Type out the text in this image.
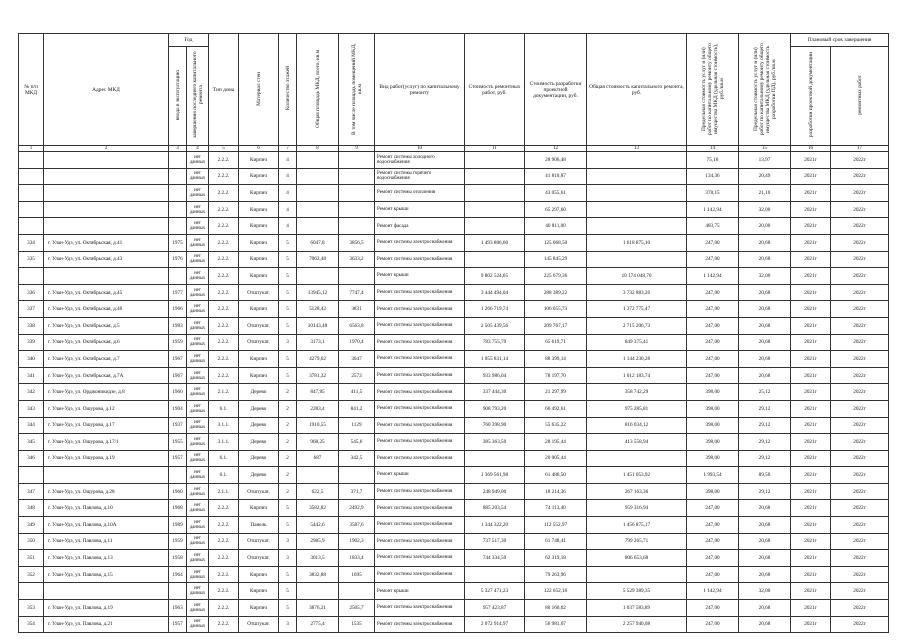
№ п/п МКД	Адрес МКД	Год		Тип дома	Материал стен	Количество этажей	Общая площадь МКД, всего, кв.м	В том числе площадь помещений МКД, кв.м	Вид работ(услуг) по капитальному ремонту	Стоимость ремонтных работ, руб.	Стоимость разработки проектной документации, руб.	Общая стоимость капитального ремонта, руб.	Предельная стоимость услуг и (или) работ по капитальному ремонту общего имущества МКД (удельная стоимость), руб./кв.м	Предельная стоимость услуг и (или) работ по капитальному ремонту общего имущества МКД (удельная стоимость разработки ПД), руб./кв.м	Плановый срок завершения	
		ввода в эксплуатацию	завершения последнего капитального ремонта												разработки проектной документации	ремонтных работ
1	2	3	4	5	6	7	8	9	10	11	12	13	14	15	16	17
			нет данных	2.2.2.	Кирпич	4			Ремонт системы холодного водоснабжения		28 906,48		75,16	13,97	2021г	2022г
			нет данных	2.2.2.	Кирпич	4			Ремонт системы горячего водоснабжения		41 810,87		134,36	20,49	2021г	2022г
			нет данных	2.2.2.	Кирпич	4			Ремонт системы отопления		43 055,61		378,15	21,10	2021г	2022г
			нет данных	2.2.2.	Кирпич	4			Ремонт крыши		65 297,60		1 142,94	32,00	2021г	2022г
			нет данных	2.2.2.	Кирпич	4			Ремонт фасада		40 811,00		483,75	20,00	2021г	2022г
334	г. Улан-Удэ, ул. Октябрьская, д.41	1975	нет данных	2.2.2.	Кирпич	5	6047,8	3856,5	Ремонт системы электроснабжения	1 493 806,60	125 068,50	1 618 875,10	247,00	20,68	2021г	2022г
335	г. Улан-Удэ, ул. Октябрьская, д.43	1976	нет данных	2.2.2.	Кирпич	5	7062,48	3633,2	Ремонт системы электроснабжения		145 845,29		247,00	20,68	2021г	2022г
			нет данных	2.2.2.	Кирпич	5			Ремонт крыши	9 802 524,05	225 679,36	10 174 048,70	1 142,94	32,00	2021г	2022г
336	г. Улан-Удэ, ул. Октябрьская, д.45	1977	нет данных	2.2.2.	Отштукат.	5	13945,12	7747,4	Ремонт системы электроснабжения	3 444 494,04	288 389,22	3 732 883,26	247,00	20,68	2021г	2022г
337	г. Улан-Удэ, ул. Октябрьская, д.46	1966	нет данных	2.2.2.	Кирпич	5	5128,42	3831	Ремонт системы электроснабжения	1 266 719,74	106 055,73	1 372 775,47	247,00	20,68	2021г	2022г
338	г. Улан-Удэ, ул. Октябрьская, д.5	1983	нет данных	2.2.2.	Отштукат.	5	10143,48	6563,8	Ремонт системы электроснабжения	2 505 439,56	209 767,17	2 715 206,73	247,00	20,68	2021г	2022г
339	г. Улан-Удэ, ул. Октябрьская, д.6	1959	нет данных	2.2.2.	Отштукат.	3	3173,1	1970,4	Ремонт системы электроснабжения	783 755,70	65 619,71	849 375,41	247,00	20,68	2021г	2022г
340	г. Улан-Удэ, ул. Октябрьская, д.7	1967	нет данных	2.2.2.	Кирпич	5	4279,62	3047	Ремонт системы электроснабжения	1 055 831,14	88 399,14	1 144 230,28	247,00	20,68	2021г	2022г
341	г. Улан-Удэ, ул. Октябрьская, д.7А	1967	нет данных	2.2.2.	Кирпич	5	3781,32	2573	Ремонт системы электроснабжения	933 986,04	78 197,70	1 012 183,74	247,00	20,68	2021г	2022г
342	г. Улан-Удэ, ул. Орджоникидзе, д.8	1960	нет данных	2.1.2.	Дерево	2	847,85	411,5	Ремонт системы электроснабжения	337 444,30	21 297,99	358 742,29	398,00	25,12	2021г	2022г
343	г. Улан-Удэ, ул. Ошурова, д.12	1904	нет данных	6.1.	Дерево	2	2283,4	841,2	Ремонт системы электроснабжения	908 793,20	66 492,61	975 285,81	398,00	29,12	2021г	2022г
344	г. Улан-Удэ, ул. Ошурова, д.17	1937	нет данных	3.1.1.	Дерево	2	1910,55	1129	Ремонт системы электроснабжения	760 398,90	55 635,22	816 034,12	398,00	29,12	2021г	2022г
345	г. Улан-Удэ, ул. Ошурова, д.17/1	1955	нет данных	3.1.1.	Дерево	2	968,25	545,6	Ремонт системы электроснабжения	385 363,50	28 195,44	413 558,94	398,00	29,12	2021г	2022г
346	г. Улан-Удэ, ул. Ошурова, д.19	1957	нет данных	6.1.	Дерево	2	687	342,5	Ремонт системы электроснабжения		20 005,44		398,00	29,12	2021г	2022г
			нет данных	6.1.	Дерево	2			Ремонт крыши	1 369 561,98	61 486,50	1 451 053,92	1 993,54	89,50	2021г	2022г
347	г. Улан-Удэ, ул. Ошурова, д.28	1960	нет данных	2.1.1.	Отштукат.	2	622,5	371,7	Ремонт системы электроснабжения	248 949,00	18 214,36	267 163,36	398,00	29,12	2021г	2022г
348	г. Улан-Удэ, ул. Павлова, д.10	1968	нет данных	2.2.2.	Кирпич	5	3582,82	2492,9	Ремонт системы электроснабжения	885 203,54	74 113,40	959 316,94	247,00	20,68	2021г	2022г
349	г. Улан-Удэ, ул. Павлова, д.10А	1989	нет данных	2.2.2.	Панель	5	5442,6	3587,6	Ремонт системы электроснабжения	1 344 322,20	112 552,97	1 456 875,17	247,00	20,68	2021г	2022г
350	г. Улан-Удэ, ул. Павлова, д.11	1959	нет данных	2.2.2.	Отштукат.	3	2985,9	1902,3	Ремонт системы электроснабжения	737 517,30	61 748,41	799 265,71	247,00	20,68	2021г	2022г
351	г. Улан-Удэ, ул. Павлова, д.13	1958	нет данных	2.2.2.	Отштукат.	3	3013,5	1833,4	Ремонт системы электроснабжения	744 334,50	62 319,18	806 653,68	247,00	20,68	2021г	2022г
352	г. Улан-Удэ, ул. Павлова, д.15	1964	нет данных	2.2.2.	Кирпич	5	3832,88	1695	Ремонт системы электроснабжения		79 263,96		247,00	20,68	2021г	2022г
			нет данных	2.2.2.	Кирпич	5			Ремонт крыши	5 327 471,23	122 652,16	5 529 389,35	1 142,94	32,00	2021г	2022г
353	г. Улан-Удэ, ул. Павлова, д.19	1963	нет данных	2.2.2.	Кирпич	5	3876,21	2505,7	Ремонт системы электроснабжения	957 423,87	80 160,02	1 037 583,89	247,00	20,68	2021г	2022г
354	г. Улан-Удэ, ул. Павлова, д.21	1957	нет данных	2.2.2.	Отштукат.	3	2775,4	1535	Ремонт системы электроснабжения	2 072 914,97	56 981,67	2 257 940,08	247,00	20,68	2021г	2022г
